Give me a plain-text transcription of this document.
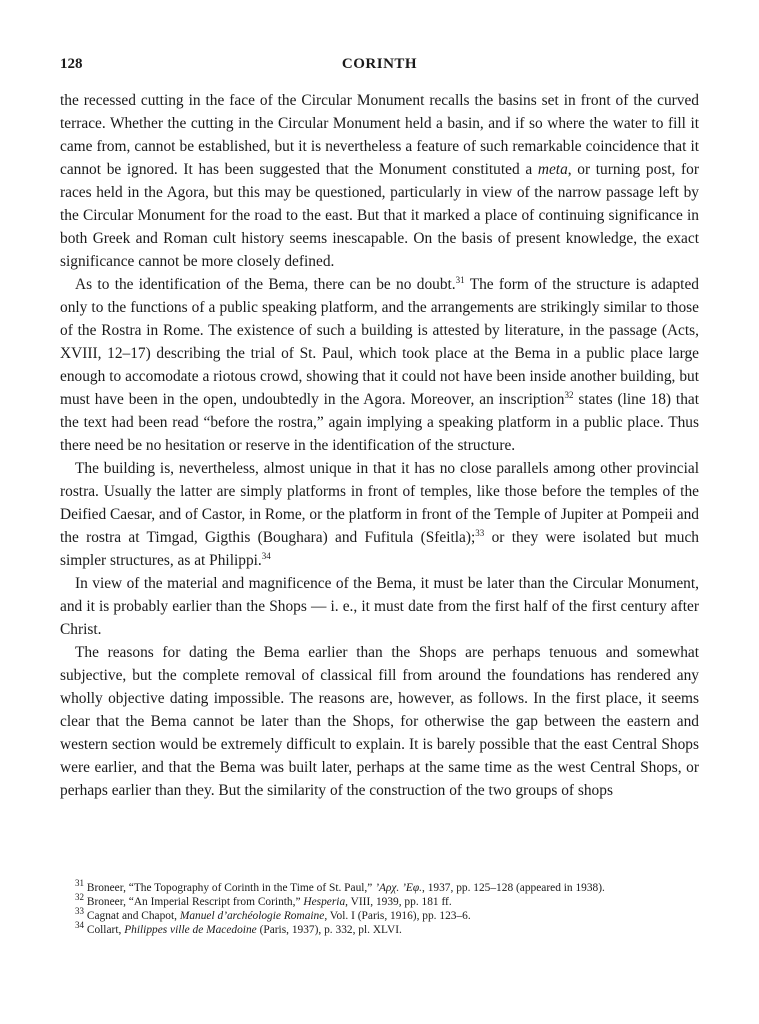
128	CORINTH

the recessed cutting in the face of the Circular Monument recalls the basins set in front of the curved terrace. Whether the cutting in the Circular Monument held a basin, and if so where the water to fill it came from, cannot be established, but it is nevertheless a feature of such remarkable coincidence that it cannot be ignored. It has been suggested that the Monument constituted a meta, or turning post, for races held in the Agora, but this may be questioned, particularly in view of the narrow passage left by the Circular Monument for the road to the east. But that it marked a place of continuing significance in both Greek and Roman cult history seems inescapable. On the basis of present knowledge, the exact significance cannot be more closely defined.

As to the identification of the Bema, there can be no doubt.$^{31}$ The form of the structure is adapted only to the functions of a public speaking platform, and the arrangements are strikingly similar to those of the Rostra in Rome. The existence of such a building is attested by literature, in the passage (Acts, XVIII, 12–17) describing the trial of St. Paul, which took place at the Bema in a public place large enough to accomodate a riotous crowd, showing that it could not have been inside another building, but must have been in the open, undoubtedly in the Agora. Moreover, an inscription$^{32}$ states (line 18) that the text had been read “before the rostra,” again implying a speaking platform in a public place. Thus there need be no hesitation or reserve in the identification of the structure.

The building is, nevertheless, almost unique in that it has no close parallels among other provincial rostra. Usually the latter are simply platforms in front of temples, like those before the temples of the Deified Caesar, and of Castor, in Rome, or the platform in front of the Temple of Jupiter at Pompeii and the rostra at Timgad, Gigthis (Boughara) and Fufitula (Sfeitla);$^{33}$ or they were isolated but much simpler structures, as at Philippi.$^{34}$

In view of the material and magnificence of the Bema, it must be later than the Circular Monument, and it is probably earlier than the Shops — i. e., it must date from the first half of the first century after Christ.

The reasons for dating the Bema earlier than the Shops are perhaps tenuous and somewhat subjective, but the complete removal of classical fill from around the foundations has rendered any wholly objective dating impossible. The reasons are, however, as follows. In the first place, it seems clear that the Bema cannot be later than the Shops, for otherwise the gap between the eastern and western section would be extremely difficult to explain. It is barely possible that the east Central Shops were earlier, and that the Bema was built later, perhaps at the same time as the west Central Shops, or perhaps earlier than they. But the similarity of the construction of the two groups of shops

$^{31}$ Broneer, “The Topography of Corinth in the Time of St. Paul,” ’Αρχ. ’Εφ., 1937, pp. 125–128 (appeared in 1938).

$^{32}$ Broneer, “An Imperial Rescript from Corinth,” Hesperia, VIII, 1939, pp. 181 ff.

$^{33}$ Cagnat and Chapot, Manuel d’archéologie Romaine, Vol. I (Paris, 1916), pp. 123–6.

$^{34}$ Collart, Philippes ville de Macedoine (Paris, 1937), p. 332, pl. XLVI.
